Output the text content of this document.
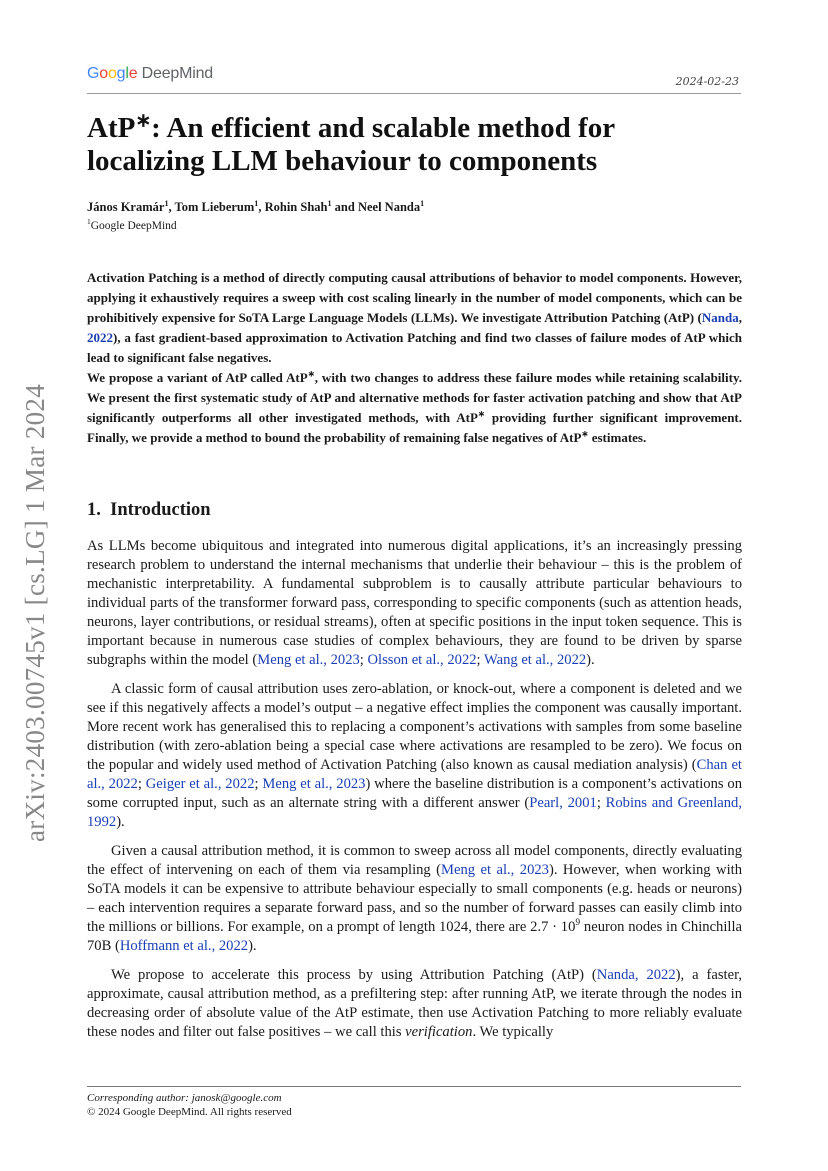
Google DeepMind	2024-02-23
AtP∗: An efficient and scalable method for
localizing LLM behaviour to components
János Kramár$^1$, Tom Lieberum$^1$, Rohin Shah$^1$ and Neel Nanda$^1$
$^1$Google DeepMind

Activation Patching is a method of directly computing causal attributions of behavior to model components. However, applying it exhaustively requires a sweep with cost scaling linearly in the number of model components, which can be prohibitively expensive for SoTA Large Language Models (LLMs). We investigate Attribution Patching (AtP) (Nanda, 2022), a fast gradient-based approximation to Activation Patching and find two classes of failure modes of AtP which lead to significant false negatives.

We propose a variant of AtP called AtP∗, with two changes to address these failure modes while retaining scalability. We present the first systematic study of AtP and alternative methods for faster activation patching and show that AtP significantly outperforms all other investigated methods, with AtP∗ providing further significant improvement. Finally, we provide a method to bound the probability of remaining false negatives of AtP∗ estimates.

1. Introduction

As LLMs become ubiquitous and integrated into numerous digital applications, it’s an increasingly pressing research problem to understand the internal mechanisms that underlie their behaviour – this is the problem of mechanistic interpretability. A fundamental subproblem is to causally attribute particular behaviours to individual parts of the transformer forward pass, corresponding to specific components (such as attention heads, neurons, layer contributions, or residual streams), often at specific positions in the input token sequence. This is important because in numerous case studies of complex behaviours, they are found to be driven by sparse subgraphs within the model (Meng et al., 2023; Olsson et al., 2022; Wang et al., 2022).

A classic form of causal attribution uses zero-ablation, or knock-out, where a component is deleted and we see if this negatively affects a model’s output – a negative effect implies the component was causally important. More recent work has generalised this to replacing a component’s activations with samples from some baseline distribution (with zero-ablation being a special case where activations are resampled to be zero). We focus on the popular and widely used method of Activation Patching (also known as causal mediation analysis) (Chan et al., 2022; Geiger et al., 2022; Meng et al., 2023) where the baseline distribution is a component’s activations on some corrupted input, such as an alternate string with a different answer (Pearl, 2001; Robins and Greenland, 1992).

Given a causal attribution method, it is common to sweep across all model components, directly evaluating the effect of intervening on each of them via resampling (Meng et al., 2023). However, when working with SoTA models it can be expensive to attribute behaviour especially to small components (e.g. heads or neurons) – each intervention requires a separate forward pass, and so the number of forward passes can easily climb into the millions or billions. For example, on a prompt of length 1024, there are $2.7 \cdot 10^9$ neuron nodes in Chinchilla 70B (Hoffmann et al., 2022).

We propose to accelerate this process by using Attribution Patching (AtP) (Nanda, 2022), a faster, approximate, causal attribution method, as a prefiltering step: after running AtP, we iterate through the nodes in decreasing order of absolute value of the AtP estimate, then use Activation Patching to more reliably evaluate these nodes and filter out false positives – we call this verification. We typically

arXiv:2403.00745v1 [cs.LG] 1 Mar 2024
Corresponding author: janosk@google.com
© 2024 Google DeepMind. All rights reserved
